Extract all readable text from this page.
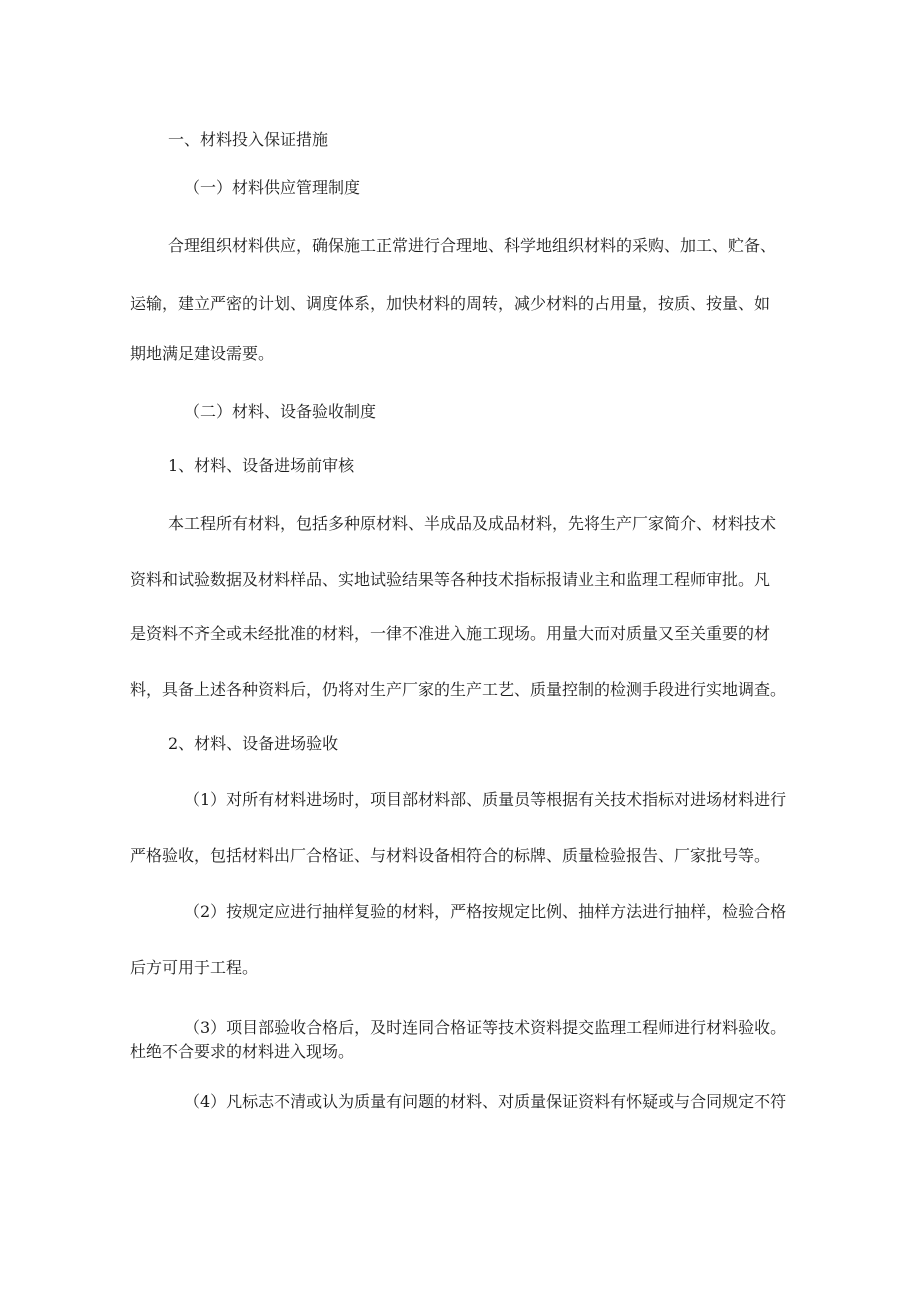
一、材料投入保证措施

（一）材料供应管理制度

合理组织材料供应，确保施工正常进行合理地、科学地组织材料的采购、加工、贮备、

运输，建立严密的计划、调度体系，加快材料的周转，减少材料的占用量，按质、按量、如

期地满足建设需要。

（二）材料、设备验收制度

1、材料、设备进场前审核

本工程所有材料，包括多种原材料、半成品及成品材料，先将生产厂家简介、材料技术

资料和试验数据及材料样品、实地试验结果等各种技术指标报请业主和监理工程师审批。凡

是资料不齐全或未经批准的材料，一律不准进入施工现场。用量大而对质量又至关重要的材

料，具备上述各种资料后，仍将对生产厂家的生产工艺、质量控制的检测手段进行实地调查。

2、材料、设备进场验收

（1）对所有材料进场时，项目部材料部、质量员等根据有关技术指标对进场材料进行

严格验收，包括材料出厂合格证、与材料设备相符合的标牌、质量检验报告、厂家批号等。

（2）按规定应进行抽样复验的材料，严格按规定比例、抽样方法进行抽样，检验合格

后方可用于工程。

（3）项目部验收合格后，及时连同合格证等技术资料提交监理工程师进行材料验收。

杜绝不合要求的材料进入现场。

（4）凡标志不清或认为质量有问题的材料、对质量保证资料有怀疑或与合同规定不符
